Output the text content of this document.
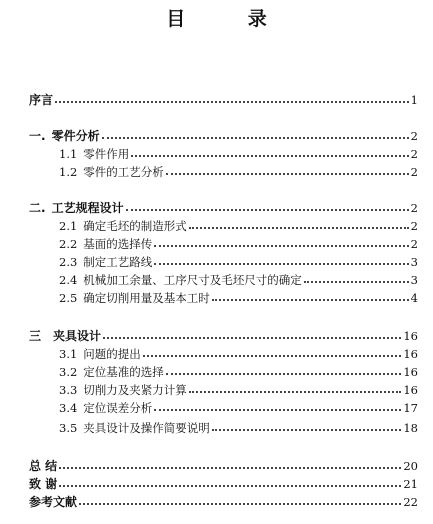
目 录
序言	1
一. 零件分析	2
1.1 零件作用	2
1.2 零件的工艺分析	2
二. 工艺规程设计	2
2.1 确定毛坯的制造形式	2
2.2 基面的选择传	2
2.3 制定工艺路线	3
2.4 机械加工余量、工序尺寸及毛坯尺寸的确定	3
2.5 确定切削用量及基本工时	4
三 夹具设计	16
3.1 问题的提出	16
3.2 定位基准的选择	16
3.3 切削力及夹紧力计算	16
3.4 定位误差分析	17
3.5 夹具设计及操作简要说明	18
总 结	20
致 谢	21
参考文献	22
